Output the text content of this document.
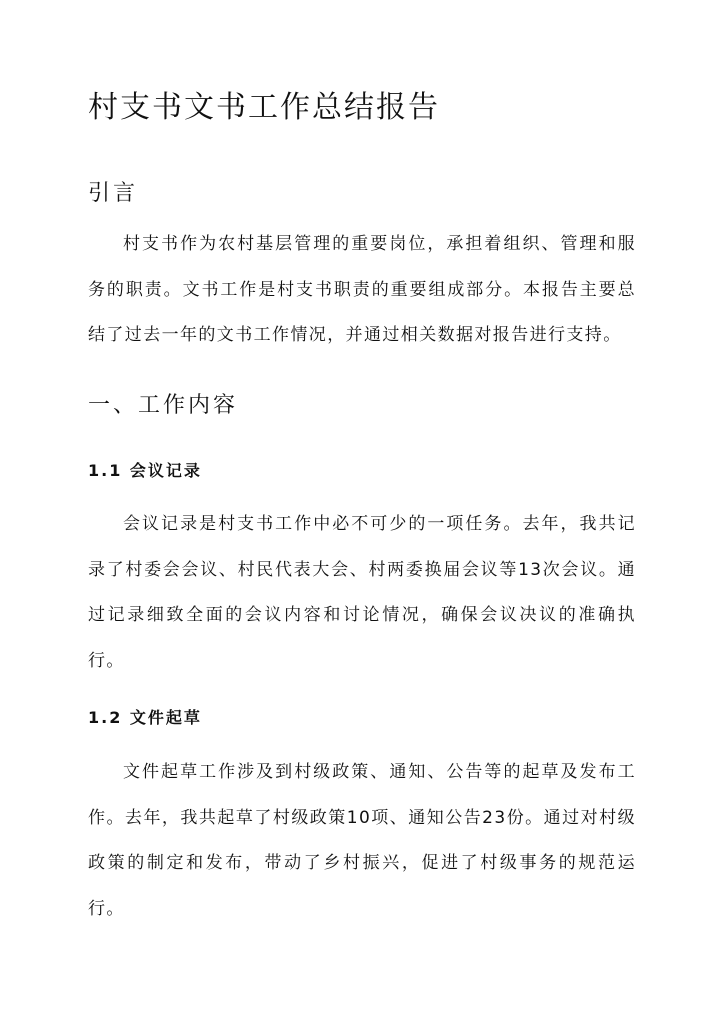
村支书文书工作总结报告
引言

村支书作为农村基层管理的重要岗位，承担着组织、管理和服务的职责。文书工作是村支书职责的重要组成部分。本报告主要总结了过去一年的文书工作情况，并通过相关数据对报告进行支持。

一、工作内容
1.1 会议记录

会议记录是村支书工作中必不可少的一项任务。去年，我共记录了村委会会议、村民代表大会、村两委换届会议等13次会议。通过记录细致全面的会议内容和讨论情况，确保会议决议的准确执行。

1.2 文件起草

文件起草工作涉及到村级政策、通知、公告等的起草及发布工作。去年，我共起草了村级政策10项、通知公告23份。通过对村级政策的制定和发布，带动了乡村振兴，促进了村级事务的规范运行。
